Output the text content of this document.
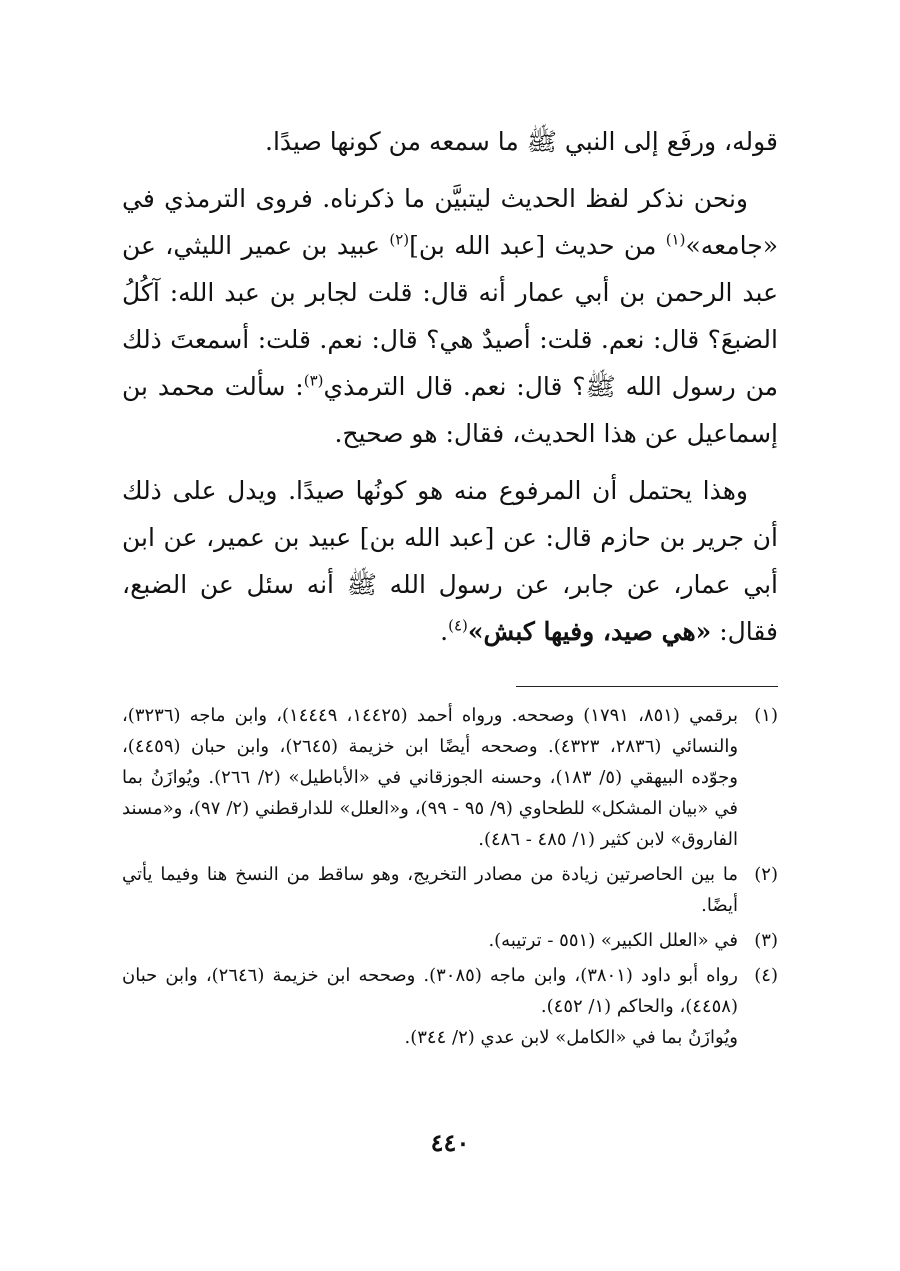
قوله، ورفَع إلى النبي ﷺ ما سمعه من كونها صيدًا.

ونحن نذكر لفظ الحديث ليتبيَّن ما ذكرناه. فروى الترمذي في «جامعه»$^{(١)}$ من حديث [عبد الله بن]$^{(٢)}$ عبيد بن عمير الليثي، عن عبد الرحمن بن أبي عمار أنه قال: قلت لجابر بن عبد الله: آكُلُ الضبعَ؟ قال: نعم. قلت: أصيدٌ هي؟ قال: نعم. قلت: أسمعتَ ذلك من رسول الله ﷺ؟ قال: نعم. قال الترمذي$^{(٣)}$: سألت محمد بن إسماعيل عن هذا الحديث، فقال: هو صحيح.

وهذا يحتمل أن المرفوع منه هو كونُها صيدًا. ويدل على ذلك أن جرير بن حازم قال: عن [عبد الله بن] عبيد بن عمير، عن ابن أبي عمار، عن جابر، عن رسول الله ﷺ أنه سئل عن الضبع، فقال: «هي صيد، وفيها كبش»$^{(٤)}$.

(١)
برقمي (٨٥١، ١٧٩١) وصححه. ورواه أحمد (١٤٤٢٥، ١٤٤٤٩)، وابن ماجه (٣٢٣٦)، والنسائي (٢٨٣٦، ٤٣٢٣). وصححه أيضًا ابن خزيمة (٢٦٤٥)، وابن حبان (٤٤٥٩)، وجوّده البيهقي (٥/ ١٨٣)، وحسنه الجوزقاني في «الأباطيل» (٢/ ٢٦٦). ويُوازَنُ بما في «بيان المشكل» للطحاوي (٩/ ٩٥ - ٩٩)، و«العلل» للدارقطني (٢/ ٩٧)، و«مسند الفاروق» لابن كثير (١/ ٤٨٥ - ٤٨٦).
(٢)
ما بين الحاصرتين زيادة من مصادر التخريج، وهو ساقط من النسخ هنا وفيما يأتي أيضًا.
(٣)
في «العلل الكبير» (٥٥١ - ترتيبه).
(٤)
رواه أبو داود (٣٨٠١)، وابن ماجه (٣٠٨٥). وصححه ابن خزيمة (٢٦٤٦)، وابن حبان (٤٤٥٨)، والحاكم (١/ ٤٥٢).
ويُوازَنُ بما في «الكامل» لابن عدي (٢/ ٣٤٤).
٤٤٠
